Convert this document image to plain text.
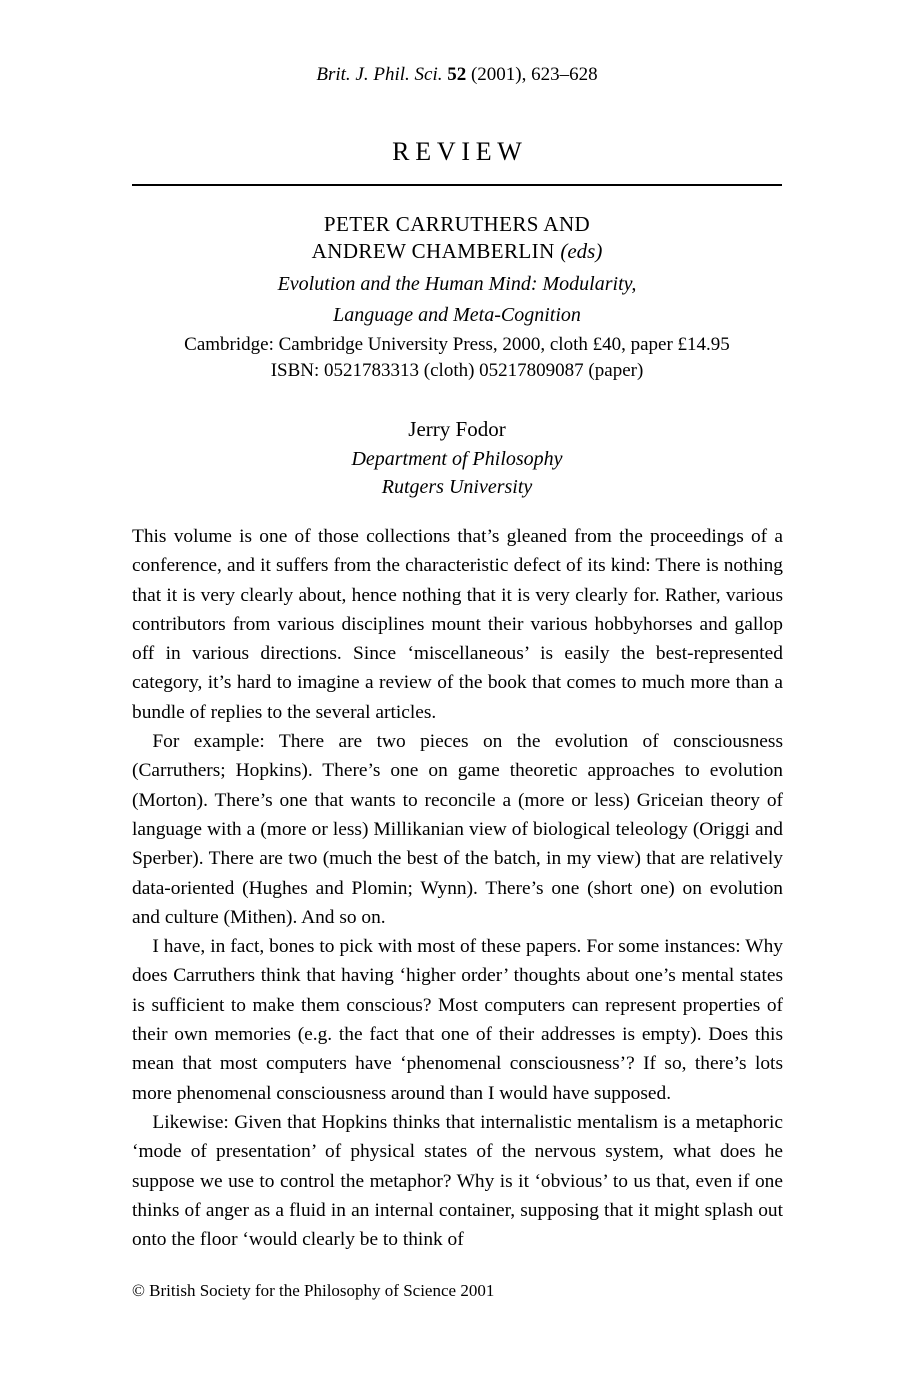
Brit. J. Phil. Sci. 52 (2001), 623–628
REVIEW
PETER CARRUTHERS AND
ANDREW CHAMBERLIN (eds)
Evolution and the Human Mind: Modularity,
Language and Meta-Cognition
Cambridge: Cambridge University Press, 2000, cloth £40, paper £14.95
ISBN: 0521783313 (cloth) 05217809087 (paper)
Jerry Fodor
Department of Philosophy
Rutgers University

This volume is one of those collections that’s gleaned from the proceedings of a conference, and it suffers from the characteristic defect of its kind: There is nothing that it is very clearly about, hence nothing that it is very clearly for. Rather, various contributors from various disciplines mount their various hobbyhorses and gallop off in various directions. Since ‘miscellaneous’ is easily the best-represented category, it’s hard to imagine a review of the book that comes to much more than a bundle of replies to the several articles.

For example: There are two pieces on the evolution of consciousness (Carruthers; Hopkins). There’s one on game theoretic approaches to evolution (Morton). There’s one that wants to reconcile a (more or less) Griceian theory of language with a (more or less) Millikanian view of biological teleology (Origgi and Sperber). There are two (much the best of the batch, in my view) that are relatively data-oriented (Hughes and Plomin; Wynn). There’s one (short one) on evolution and culture (Mithen). And so on.

I have, in fact, bones to pick with most of these papers. For some instances: Why does Carruthers think that having ‘higher order’ thoughts about one’s mental states is sufficient to make them conscious? Most computers can represent properties of their own memories (e.g. the fact that one of their addresses is empty). Does this mean that most computers have ‘phenomenal consciousness’? If so, there’s lots more phenomenal consciousness around than I would have supposed.

Likewise: Given that Hopkins thinks that internalistic mentalism is a metaphoric ‘mode of presentation’ of physical states of the nervous system, what does he suppose we use to control the metaphor? Why is it ‘obvious’ to us that, even if one thinks of anger as a fluid in an internal container, supposing that it might splash out onto the floor ‘would clearly be to think of

© British Society for the Philosophy of Science 2001
